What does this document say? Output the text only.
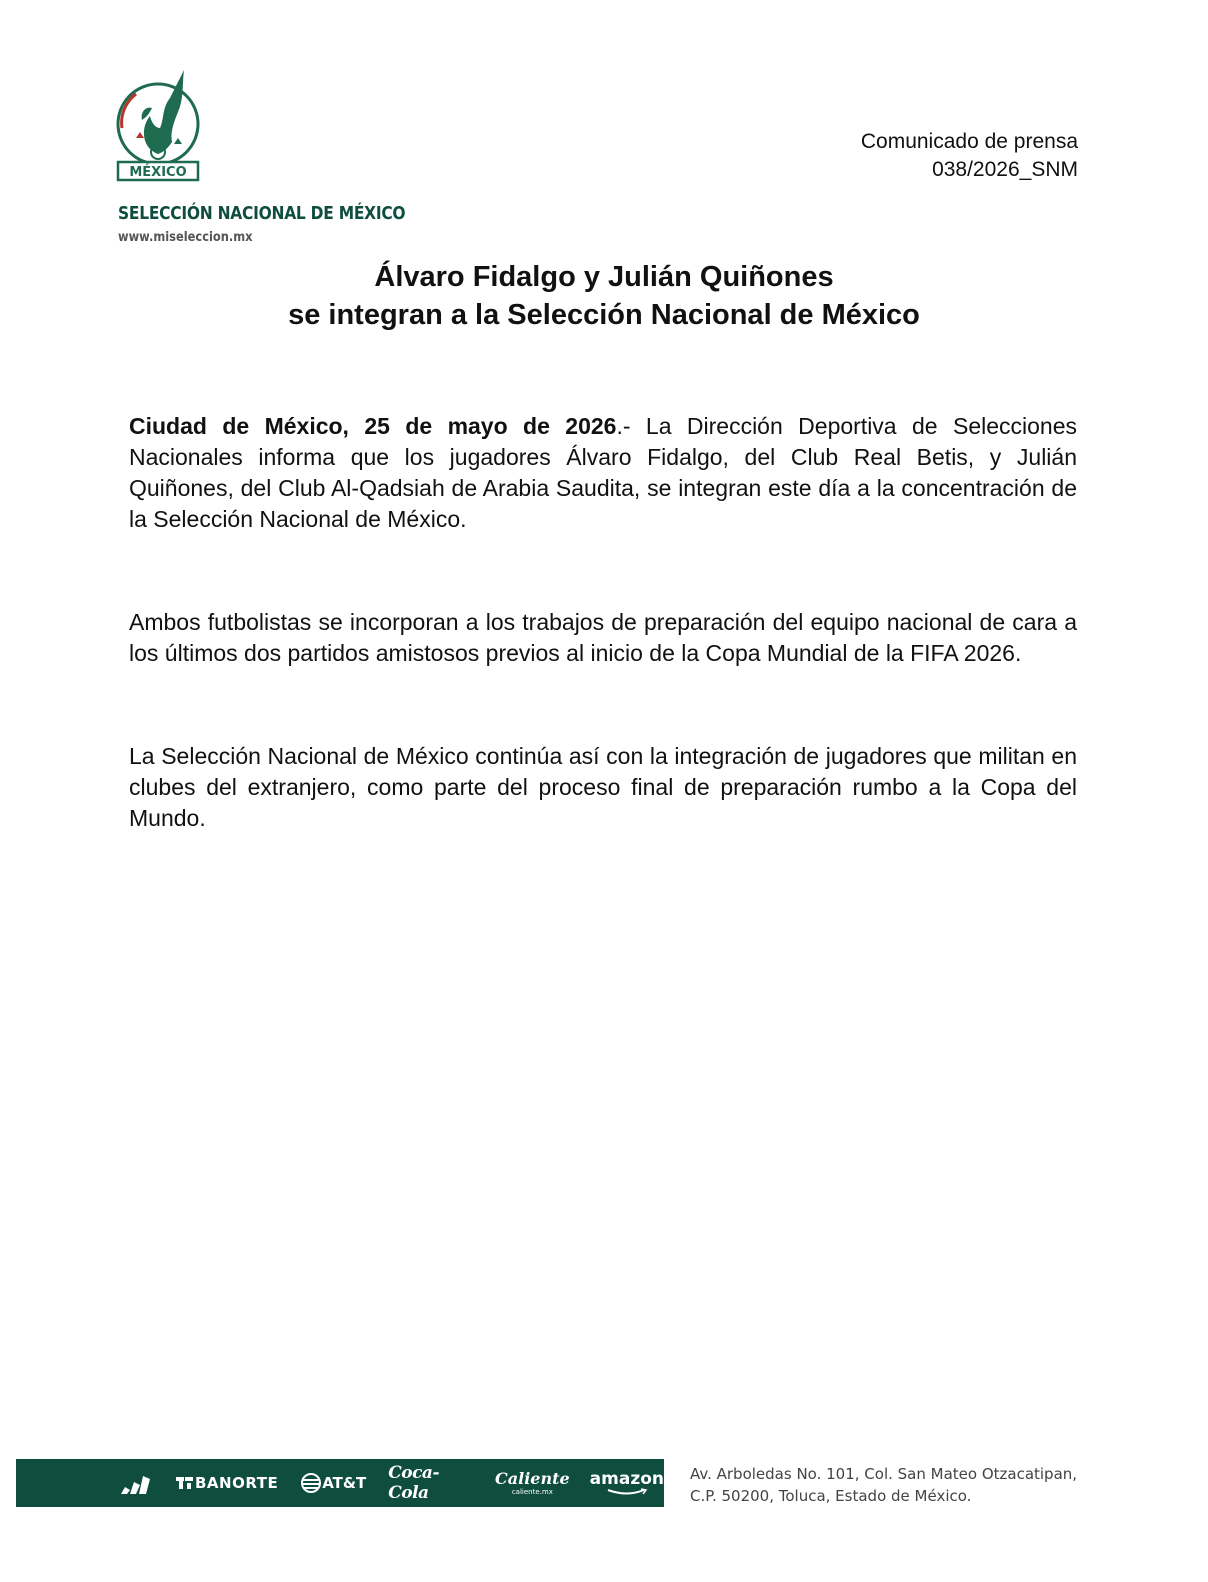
MÉXICO
SELECCIÓN NACIONAL DE MÉXICO
www.miseleccion.mx
Comunicado de prensa
038/2026_SNM
Álvaro Fidalgo y Julián Quiñones
se integran a la Selección Nacional de México

Ciudad de México, 25 de mayo de 2026.- La Dirección Deportiva de Selecciones Nacionales informa que los jugadores Álvaro Fidalgo, del Club Real Betis, y Julián Quiñones, del Club Al-Qadsiah de Arabia Saudita, se integran este día a la concentración de la Selección Nacional de México.

Ambos futbolistas se incorporan a los trabajos de preparación del equipo nacional de cara a los últimos dos partidos amistosos previos al inicio de la Copa Mundial de la FIFA 2026.

La Selección Nacional de México continúa así con la integración de jugadores que militan en clubes del extranjero, como parte del proceso final de preparación rumbo a la Copa del Mundo.

BANORTE	AT&T Coca-Cola
Caliente
caliente.mx
amazon Av. Arboledas No. 101, Col. San Mateo Otzacatipan,
C.P. 50200, Toluca, Estado de México.
